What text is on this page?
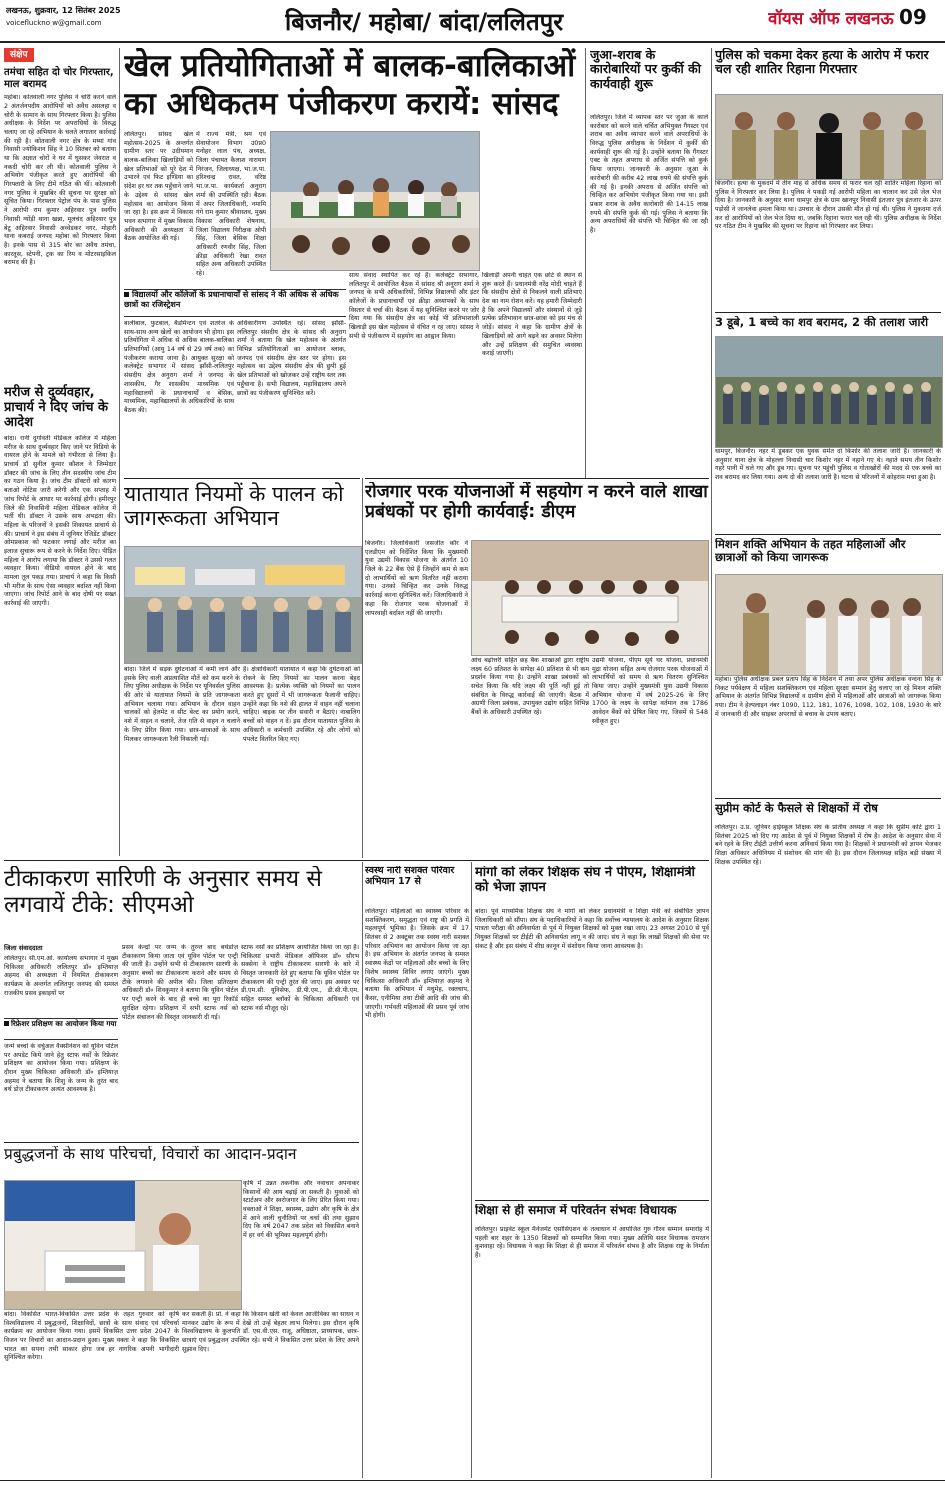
लखनऊ, शुक्रवार, 12 सितंबर 2025
voicefluckno w@gmail.com	बिजनौर/ महोबा/ बांदा/ललितपुर	वॉयस ऑफ लखनऊ 09
संक्षेप
तमंचा सहित दो चोर गिरफ्तार, माल बरामद
महोबा। कोतवाली नगर पुलिस ने चोरी करने वाले 2 अंतर्जनपदीय आरोपियों को अवैध असलहा व चोरी के सामान के साथ गिरफ्तार किया है। पुलिस अधीक्षक के निर्देश पर अपराधियों के विरुद्ध चलाए जा रहे अभियान के चलते लगातार कार्रवाई की रही है। कोतवाली नगर क्षेत्र के मय्यां गांव निवासी ज्योकिशन सिंह ने 10 सितंबर को बताया था कि अज्ञात चोरों ने घर में घुसकर जेवरात व नकदी चोरी कर ली थी। कोतवाली पुलिस ने अभियोग पंजीकृत करते हुए आरोपियों की गिरफ्तारी के लिए टीमें गठित की थीं। कोतवाली नगर पुलिस ने मुखबिर की सूचना पर सुरक्षा को सूचित किया। गिरफ्तार पेट्रोल पंप के पास पुलिस ने आरोपी राम कुमार अहिरवार पुत्र स्वर्गीय निवासी ग्योंड़ी थाना खन्ना, मूलचंद अहिरवार पुत्र बेटू अहिरवार निवासी अव्वेडकर नगर, मोहारी थाना कबराई जनपद महोबा को गिरफ्तार किया है। इनके पास से 315 बोर का अवैध तमंचा, कारतूस, स्टेपनी, ट्रक का रिम व मोटरसाइकिल बरामद की है।
मरीज से दुर्व्यवहार, प्राचार्य ने दिए जांच के आदेश
बांदा। रानी दुर्गावती मेडिकल कॉलेज में महिला मरीज के साथ दुर्व्यवहार किए जाने पर विडियो के वायरल होने के मामले को गंभीरता से लिया है। प्राचार्य डॉ सुनील कुमार कौशल ने जिम्मेदार डॉक्टर की जांच के लिए तीन सदस्यीय जांच टीम का गठन किया है। जांच टीम डॉक्टरों को कारण बताओ नोटिस जारी करेगी और एक सप्ताह में जांच रिपोर्ट के आधार पर कार्रवाई होगी। हमीरपुर जिले की निवासिनी महिला मेडिकल कॉलेज में भर्ती थी। डॉक्टर ने उसके साथ अभद्रता की। महिला के परिजनों ने इसकी शिकायत प्राचार्य से की। प्राचार्य ने इस संबंध में जूनियर रेजिडेंट डॉक्टर ओमप्रकाश को फटकार लगाई और मरीज का इलाज सुचारू रूप से करने के निर्देश दिए। पीड़ित महिला ने आरोप लगाया कि डॉक्टर ने उससे गलत व्यवहार किया। वीडियो वायरल होने के बाद मामला तूल पकड़ गया। प्राचार्य ने कहा कि किसी भी मरीज के साथ ऐसा व्यवहार बर्दाश्त नहीं किया जाएगा। जांच रिपोर्ट आने के बाद दोषी पर सख्त कार्रवाई की जाएगी।
खेल प्रतियोगिताओं में बालक-बालिकाओं का अधिकतम पंजीकरण करायें: सांसद
ललितपुर। सांसद खेल महोत्सव-2025 के अन्तर्गत ग्रामीण स्तर पर उदीयमान बालक-बालिका खिलाड़ियों को खेल प्रतिभाओं को पुरे देश में उभारने एवं फिट इण्डिया का संदेश हर घर तक पहुँचाने जाने के उद्देश्य से सांसद खेल महोत्सव का आयोजन किया जा रहा है। इस क्रम में विकास भवन सभागार में मुख्य विकास अधिकारी की अध्यक्षता में बैठक आयोजित की गई।
में राज्य मंत्री, श्रम एवं सेवायोजन विभाग उ0प्र0 मनोहर लाल पंथ, अध्यक्ष, जिला पंचायत कैलाश नारायण निरंजन, जिलाध्यक्ष, भा.ज.पा. हरिश्चन्द्र रावत, वरिष्ठ भा.ज.पा. कार्यकर्ता अनुराग शर्मा की उपस्थिति रही। बैठक में अपर जिलाधिकारी, नमामि गंगे राम कुमार श्रीवास्तव, मुख्य विकास अधिकारी शेषनाथ, जिला विद्यालय निरीक्षक ओपी सिंह, जिला बेसिक शिक्षा अधिकारी रणवीर सिंह, जिला क्रीड़ा अधिकारी रेखा रावत सहित अन्य अधिकारी उपस्थित रहे।
विद्यालयों और कॉलेजों के प्रधानाचार्यों से सांसद ने की अधिक से अधिक छात्रों का रजिस्ट्रेशन
बालीबाल, फुटबाल, बैडमिन्टन एवं शतरंज के साथ-साथ अन्य खेलों का आयोजन भी होगा। इस प्रतियोगिता में अधिक से अधिक बालक-बालिका प्रतिभागियों (आयु 14 वर्ष से 29 वर्ष तक) का पंजीकरण कराया जाना है। आयुक्त सुरक्षा को कलेक्ट्रेट सभागार में सांसद झाँसी-ललितपुर संसदीय क्षेत्र अनुराग शर्मा ने जनपद के शासकीय, गैर शासकीय माध्यमिक एवं महाविद्यालयों के प्रधानाचार्यों व बेसिक, माध्यमिक, महाविद्यालयों के अधिकारियों के साथ बैठक की।
अधिकारीगण उपस्थित रहे। सांसद झाँसी-ललितपुर संसदीय क्षेत्र के सांसद श्री अनुराग शर्मा ने बताया कि खेल महोत्सव के अंतर्गत विभिन्न प्रतियोगिताओं का आयोजन ब्लाक, जनपद एवं संसदीय क्षेत्र स्तर पर होगा। इस महोत्सव का उद्देश्य संसदीय क्षेत्र की छुपी हुई खेल प्रतिभाओं को खोजकर उन्हें राष्ट्रीय स्तर तक पहुँचाना है। सभी विद्यालय, महाविद्यालय अपने छात्रों का पंजीकरण सुनिश्चित करें।
साथ संवाद स्थापित कर रहे हैं। कलेक्ट्रेट सभागार, ललितपुर में आयोजित बैठक में सांसद श्री अनुराग शर्मा ने जनपद के सभी अधिकारियों, विभिन्न विद्यालयों और इंटर कॉलेजों के प्रधानाचार्यों एवं क्रीड़ा अध्यापकों के साथ विस्तार से चर्चा की। बैठक में यह सुनिश्चित करने पर जोर दिया गया कि संसदीय क्षेत्र का कोई भी प्रतिभाशाली खिलाड़ी इस खेल महोत्सव से वंचित न रह जाए। सांसद ने सभी से पंजीकरण में सहयोग का आह्वान किया।
खिलाड़ी अपनी चाहत एक छोटे से स्थान से शुरू करते हैं। प्रधानमंत्री नरेंद्र मोदी चाहते हैं कि संसदीय क्षेत्रों से निकलने वाली प्रतिभाएं देश का नाम रोशन करें। यह हमारी जिम्मेदारी है कि अपने विद्यालयों और संस्थानों से जुड़े प्रत्येक प्रतिभावान छात्र-छात्रा को इस मंच से जोड़ें। सांसद ने कहा कि ग्रामीण क्षेत्रों के खिलाड़ियों को आगे बढ़ने का अवसर मिलेगा और उन्हें प्रशिक्षण की समुचित व्यवस्था कराई जाएगी।
जुआ-शराब के कारोबारियों पर कुर्की की कार्यवाही शुरू
ललितपुर। जिले में व्यापक स्तर पर जुआ के काले कारोबार को करने वाले चर्चित अभियुक्त गैंगस्टर एवं शराब का अवैध व्यापार करने वाले अपराधियों के विरुद्ध पुलिस अधीक्षक के निर्देशन में कुर्की की कार्यवाही शुरू की गई है। उन्होंने बताया कि गैंगस्टर एक्ट के तहत अपराध से अर्जित संपत्ति को कुर्क किया जाएगा। जानकारी के अनुसार जुआ के कारोबारी की करीब 42 लाख रुपये की संपत्ति कुर्क की गई है। इनकी अपराध से अर्जित संपत्ति को चिन्हित कर अभियोग पंजीकृत किया गया था। इसी प्रकार शराब के अवैध कारोबारी की 14-15 लाख रुपये की संपत्ति कुर्क की गई। पुलिस ने बताया कि अन्य अपराधियों की संपत्ति भी चिन्हित की जा रही है।
यातायात नियमों के पालन को जागरूकता अभियान
बांदा। जिले में सड़क दुर्घटनाओं में कमी लाने और इसके लिए वाली अप्रत्याशित मौतें को कम करने के लिए पुलिस अधीक्षक के निर्देश पर यूनिवर्सल पुलिस की ओर से यातायात नियमों के प्रति जागरूकता अभियान चलाया गया। अभियान के दौरान वाहन चालकों को हेलमेट व सीट बेल्ट का प्रयोग करने, नशे में वाहन न चलाने, तेज गति से वाहन न चलाने के लिए प्रेरित किया गया। छात्र-छात्राओं के साथ मिलकर जागरूकता रैली निकाली गई।
है। क्षेत्राधिकारी यातायात ने कहा कि दुर्घटनाओं को रोकने के लिए नियमों का पालन करना बेहद आवश्यक है। प्रत्येक व्यक्ति को नियमों का पालन करते हुए दूसरों में भी जागरूकता फैलानी चाहिए। उन्होंने कहा कि नशे की हालत में वाहन नहीं चलाना चाहिए। बाइक पर तीन सवारी न बैठाएं। नाबालिग बच्चों को वाहन न दें। इस दौरान यातायात पुलिस के अधिकारी व कर्मचारी उपस्थित रहे और लोगों को पंपलेट वितरित किए गए।
रोजगार परक योजनाओं में सहयोग न करने वाले शाखा प्रबंधकों पर होगी कार्यवाई: डीएम
बिजनौर। जिलाधिकारी जसजीत कौर ने एलडीएम को निर्देशित किया कि मुख्यमंत्री युवा उद्यमी विकास योजना के अंतर्गत 10 जिले के 22 बैंक ऐसे हैं जिन्होंने कम से कम दो लाभार्थियों को ऋण वितरित नहीं कराया गया। उनको चिन्हित कर उनके विरुद्ध कार्रवाई करना सुनिश्चित करें। जिलाधिकारी ने कहा कि रोजगार परक योजनाओं में लापरवाही बर्दाश्त नहीं की जाएगी।
आंच बढ़ोत्तरी सहित छह बैंक शाखाओं द्वारा राष्ट्रीय लक्ष्य 60 प्रतिशत के सापेक्ष 40 प्रतिशत से भी कम प्रदर्शन किया गया है। उन्होंने शाखा प्रबंधकों को सचेत किया कि यदि लक्ष्य की पूर्ति नहीं हुई तो संबंधित के विरुद्ध कार्रवाई की जाएगी। बैठक में अग्रणी जिला प्रबंधक, उपायुक्त उद्योग सहित विभिन्न बैंकों के अधिकारी उपस्थित रहे।
उद्यमी योजना, पीएम सूर्य घर योजना, प्रधानमंत्री मुद्रा योजना सहित अन्य रोजगार परक योजनाओं में लाभार्थियों को समय से ऋण वितरण सुनिश्चित किया जाए। उन्होंने मुख्यमंत्री युवा उद्यमी विकास अभियान योजना में वर्ष 2025-26 के लिए 1700 के लक्ष्य के सापेक्ष वर्तमान तक 1786 आवेदन बैंकों को प्रेषित किए गए, जिसमें से 548 स्वीकृत हुए।
टीकाकरण सारिणी के अनुसार समय से लगवायें टीके: सीएमओ
जिला संवाददाता
ललितपुर। सी.एम.ओ. कार्यालय सभागार में मुख्य चिकित्सा अधिकारी ललितपुर डॉ० इम्तियाज़ अहमद की अध्यक्षता में नियमित टीकाकरण कार्यक्रम के अन्तर्गत ललितपुर जनपद की समस्त राजकीय प्रसव इकाइयों पर
रिफ्रेशर प्रशिक्षण का आयोजन किया गया
जन्मे बच्चों के वर्चुअल वैक्सीनेशन को यूविन पोर्टल पर अपडेट किये जाने हेतु स्टाफ नर्सों के रिफ्रेशर प्रशिक्षण का आयोजन किया गया। प्रशिक्षण के दौरान मुख्य चिकित्सा अधिकारी डॉ० इम्तियाज़ अहमद ने बताया कि शिशु के जन्म के तुरंत बाद बर्थ डोज़ टीकाकरण अत्यंत आवश्यक है।
प्रसव केन्द्रों पर जन्म के तुरन्त बाद बर्थडोज़ टीकाकरण किया जाता एवं यूविन पोर्टल पर एन्ट्री की जाती है। उन्होंने सभी से टीकाकरण सारणी के अनुसार बच्चों का टीकाकरण कराने और समय से टीके लगवाने की अपील की। जिला प्रतिरक्षण अधिकारी डॉ० शिवकुमार ने बताया कि यूविन पोर्टल पर एन्ट्री करने के बाद ही बच्चे का पूरा रिकॉर्ड सुरक्षित रहेगा। प्रशिक्षण में सभी स्टाफ नर्स को पोर्टल संचालन की विस्तृत जानकारी दी गई।
स्टाफ नर्सों का प्रशिक्षण आयोजित किया जा रहा है। चिकित्सा प्रभारी मेडिकल ऑफिसर डॉ० सौरभ सक्सेना ने राष्ट्रीय टीकाकरण सारणी के बारे में विस्तृत जानकारी देते हुए बताया कि यूविन पोर्टल पर टीकाकरण की एन्ट्री तुरंत की जाए। इस अवसर पर डी.एम.सी. यूनिसेफ, डी.पी.एम., डी.सी.पी.एम. सहित समस्त ब्लॉकों के चिकित्सा अधिकारी एवं स्टाफ नर्स मौजूद रहे।
प्रबुद्धजनों के साथ परिचर्चा, विचारों का आदान-प्रदान
कृषि में उन्नत तकनीक और नवाचार अपनाकर किसानों की आय बढ़ाई जा सकती है। युवाओं को स्टार्टअप और स्वरोजगार के लिए प्रेरित किया गया। वक्ताओं ने शिक्षा, स्वास्थ्य, उद्योग और कृषि के क्षेत्र में आने वाली चुनौतियों पर चर्चा की तथा सुझाव दिए कि वर्ष 2047 तक प्रदेश को विकसित बनाने में हर वर्ग की भूमिका महत्वपूर्ण होगी।
बांदा। विकसित भारत-विकसित उत्तर प्रदेश के तहत गुरुवार को कृषि विश्वविद्यालय में प्रबुद्धजनों, शिक्षाविदों, छात्रों के साथ संवाद एवं परिचर्चा कार्यक्रम का आयोजन किया गया। इसमें विकसित उत्तर प्रदेश 2047 के विजन पर विचारों का आदान-प्रदान हुआ। मुख्य वक्ता ने कहा कि विकसित भारत का सपना तभी साकार होगा जब हर नागरिक अपनी भागीदारी सुनिश्चित करेगा।
कर सकती है। प्रो. ने कहा कि किसान खेती को केवल आजीविका का साधन न मानकर उद्योग के रूप में देखें तो उन्हें बेहतर लाभ मिलेगा। इस दौरान कृषि विश्वविद्यालय के कुलपति डॉ. एस.वी.एस. राजू, अधिष्ठाता, प्राध्यापक, छात्र-छात्राएं एवं प्रबुद्धजन उपस्थित रहे। सभी ने विकसित उत्तर प्रदेश के लिए अपने सुझाव दिए।
स्वस्थ नारी सशक्त परिवार अभियान 17 से
ललितपुर। महिलाओं का स्वास्थ्य परिवार के सशक्तिकरण, समृद्धता एवं राष्ट्र की प्रगति में महत्वपूर्ण भूमिका है। जिसके क्रम में 17 सितंबर से 2 अक्टूबर तक स्वस्थ नारी सशक्त परिवार अभियान का आयोजन किया जा रहा है। इस अभियान के अंतर्गत जनपद के समस्त स्वास्थ्य केंद्रों पर महिलाओं और बच्चों के लिए विशेष स्वास्थ्य शिविर लगाए जाएंगे। मुख्य चिकित्सा अधिकारी डॉ० इम्तियाज़ अहमद ने बताया कि अभियान में मधुमेह, रक्तचाप, कैंसर, एनीमिया तथा टीबी आदि की जांच की जाएगी। गर्भवती महिलाओं की प्रसव पूर्व जांच भी होगी।
मांगों को लेकर शिक्षक संघ ने पीएम, शिक्षामंत्री को भेजा ज्ञापन
बांदा। पूर्व माध्यमिक शिक्षक संघ ने मांगों को लेकर प्रधानमंत्री व शिक्षा मंत्री को संबोधित ज्ञापन जिलाधिकारी को सौंपा। संघ के पदाधिकारियों ने कहा कि सर्वोच्च न्यायालय के आदेश के अनुसार शिक्षक पात्रता परीक्षा की अनिवार्यता से पूर्व में नियुक्त शिक्षकों को मुक्त रखा जाए। 23 अगस्त 2010 से पूर्व नियुक्त शिक्षकों पर टीईटी की अनिवार्यता लागू न की जाए। संघ ने कहा कि लाखों शिक्षकों की सेवा पर संकट है और इस संबंध में शीघ्र कानून में संशोधन किया जाना आवश्यक है।
शिक्षा से ही समाज में परिवर्तन संभवः विधायक
ललितपुर। प्राइवेट स्कूल मैनेजमेंट एसोसिएशन के तत्वाधान में आयोजित गुरु गौरव सम्मान समारोह में पहली बार शहर के 1350 शिक्षकों को सम्मानित किया गया। मुख्य अतिथि सदर विधायक रामरतन कुशवाहा रहे। विधायक ने कहा कि शिक्षा से ही समाज में परिवर्तन संभव है और शिक्षक राष्ट्र के निर्माता हैं।
पुलिस को चकमा देकर हत्या के आरोप में फरार चल रही शातिर रिहाना गिरफ्तार
बिजनौर। हत्या के मुकदमे में तीन माह से अधिक समय से फरार चल रही शातिर महिला रिहाना को पुलिस ने गिरफ्तार कर लिया है। पुलिस ने पकड़ी गई आरोपी महिला का चालान कर उसे जेल भेज दिया है। जानकारी के अनुसार थाना धामपुर क्षेत्र के ग्राम खानपुर निवासी इंतजार पुत्र इंतजार के ऊपर पड़ोसी ने जानलेवा हमला किया था। उपचार के दौरान उसकी मौत हो गई थी। पुलिस ने मुकदमा दर्ज कर दो आरोपियों को जेल भेज दिया था, जबकि रिहाना फरार चल रही थी। पुलिस अधीक्षक के निर्देश पर गठित टीम ने मुखबिर की सूचना पर रिहाना को गिरफ्तार कर लिया।
3 डूबे, 1 बच्चे का शव बरामद, 2 की तलाश जारी
धामपुर, बिजनौर। नहर में डूबकर एक युवक समेत दो किशोर की तलाश जारी है। जानकारी के अनुसार थाना क्षेत्र के मोहल्ला निवासी चार किशोर नहर में नहाने गए थे। नहाते समय तीन किशोर गहरे पानी में चले गए और डूब गए। सूचना पर पहुंची पुलिस व गोताखोरों की मदद से एक बच्चे का शव बरामद कर लिया गया। अन्य दो की तलाश जारी है। घटना से परिजनों में कोहराम मचा हुआ है।
मिशन शक्ति अभियान के तहत महिलाओं और छात्राओं को किया जागरूक
महोबा। पुलिस अधीक्षक प्रबल प्रताप सिंह के निर्देशन में तथा अपर पुलिस अधीक्षक वन्दना सिंह के निकट पर्यवेक्षण में महिला सशक्तिकरण एवं महिला सुरक्षा सम्मान हेतु चलाए जा रहे मिशन शक्ति अभियान के अंतर्गत विभिन्न विद्यालयों व ग्रामीण क्षेत्रों में महिलाओं और छात्राओं को जागरूक किया गया। टीम ने हेल्पलाइन नंबर 1090, 112, 181, 1076, 1098, 102, 108, 1930 के बारे में जानकारी दी और साइबर अपराधों से बचाव के उपाय बताए।
सुप्रीम कोर्ट के फैसले से शिक्षकों में रोष
ललितपुर। उ.प्र. जूनियर हाईस्कूल शिक्षक संघ के प्रांतीय अध्यक्ष ने कहा कि सुप्रीम कोर्ट द्वारा 1 सितंबर 2025 को दिए गए आदेश से पूर्व में नियुक्त शिक्षकों में रोष है। आदेश के अनुसार सेवा में बने रहने के लिए टीईटी उत्तीर्ण करना अनिवार्य किया गया है। शिक्षकों ने प्रधानमंत्री को ज्ञापन भेजकर शिक्षा अधिकार अधिनियम में संशोधन की मांग की है। इस दौरान जिलाध्यक्ष सहित बड़ी संख्या में शिक्षक उपस्थित रहे।
